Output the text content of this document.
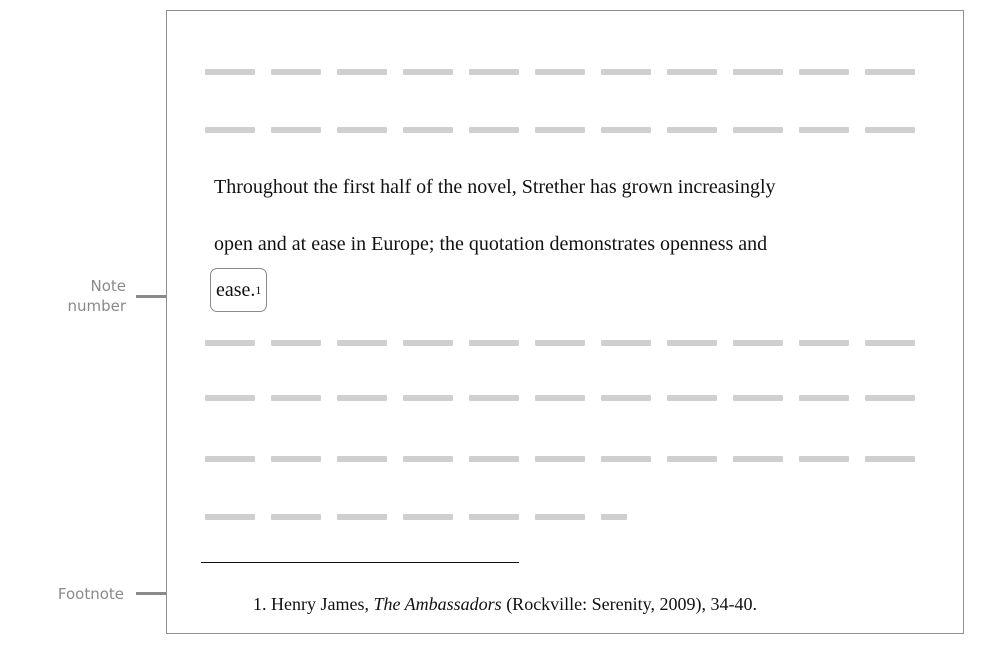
Note number
Footnote
Throughout the first half of the novel, Strether has grown increasingly
open and at ease in Europe; the quotation demonstrates openness and
ease. 1
1. Henry James, The Ambassadors (Rockville: Serenity, 2009), 34-40.
